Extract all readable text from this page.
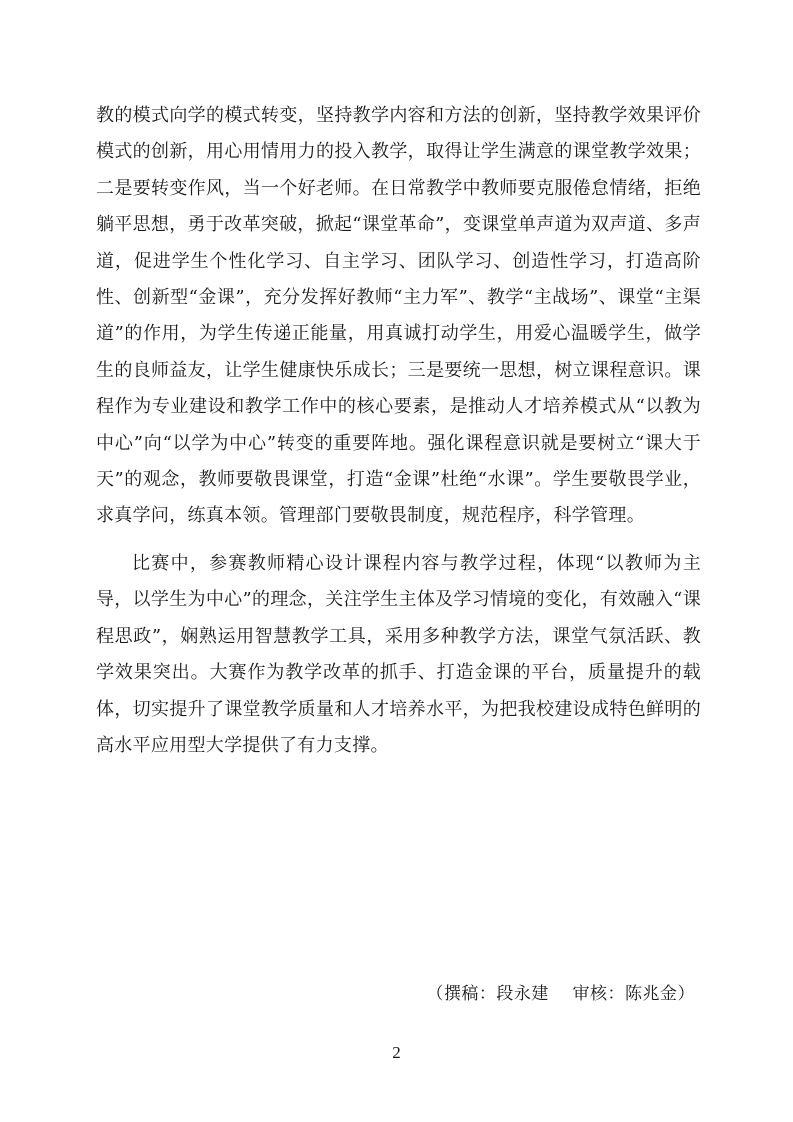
教的模式向学的模式转变，坚持教学内容和方法的创新，坚持教学效果评价模式的创新，用心用情用力的投入教学，取得让学生满意的课堂教学效果；二是要转变作风，当一个好老师。在日常教学中教师要克服倦怠情绪，拒绝躺平思想，勇于改革突破，掀起“课堂革命”，变课堂单声道为双声道、多声道，促进学生个性化学习、自主学习、团队学习、创造性学习，打造高阶性、创新型“金课”，充分发挥好教师“主力军”、教学“主战场”、课堂“主渠道”的作用，为学生传递正能量，用真诚打动学生，用爱心温暖学生，做学生的良师益友，让学生健康快乐成长；三是要统一思想，树立课程意识。课程作为专业建设和教学工作中的核心要素，是推动人才培养模式从“以教为中心”向“以学为中心”转变的重要阵地。强化课程意识就是要树立“课大于天”的观念，教师要敬畏课堂，打造“金课”杜绝“水课”。学生要敬畏学业，求真学问，练真本领。管理部门要敬畏制度，规范程序，科学管理。

比赛中，参赛教师精心设计课程内容与教学过程，体现“以教师为主导，以学生为中心”的理念，关注学生主体及学习情境的变化，有效融入“课程思政”，娴熟运用智慧教学工具，采用多种教学方法，课堂气氛活跃、教学效果突出。大赛作为教学改革的抓手、打造金课的平台，质量提升的载体，切实提升了课堂教学质量和人才培养水平，为把我校建设成特色鲜明的高水平应用型大学提供了有力支撑。

（撰稿：段永建    审核：陈兆金）
2
